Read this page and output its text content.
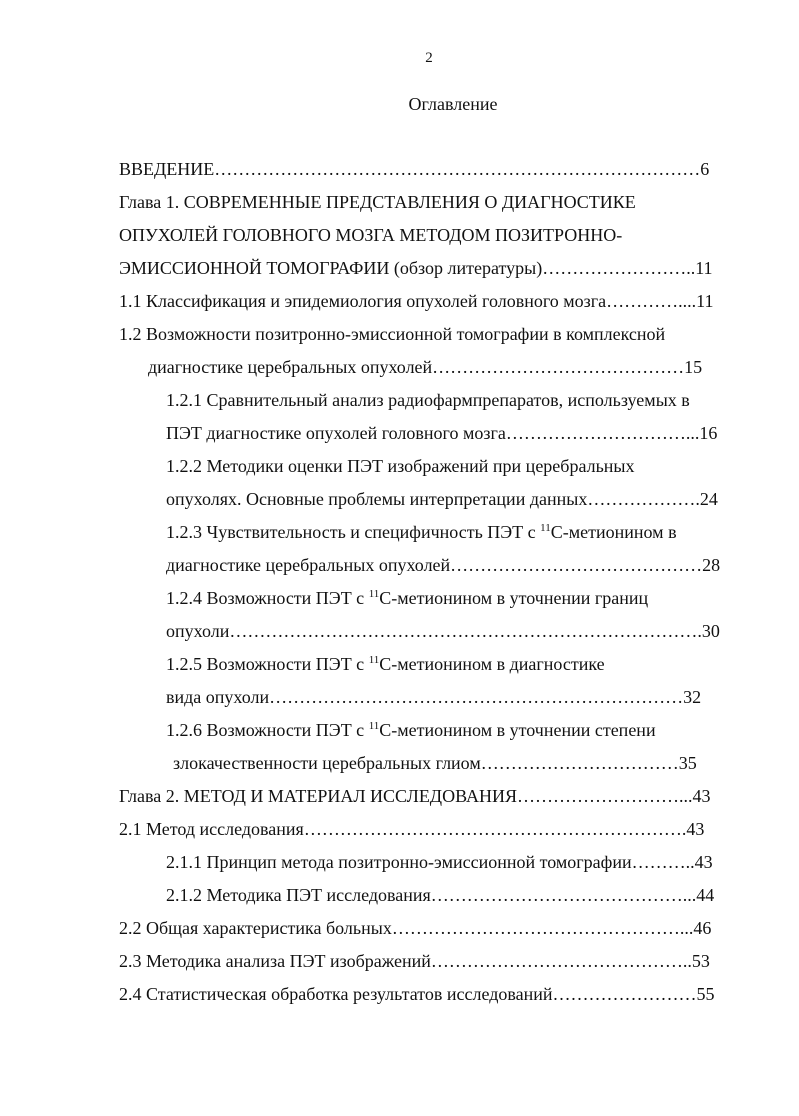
2
Оглавление
ВВЕДЕНИЕ………………………………………………………………………6
Глава 1. СОВРЕМЕННЫЕ ПРЕДСТАВЛЕНИЯ О ДИАГНОСТИКЕ
ОПУХОЛЕЙ ГОЛОВНОГО МОЗГА МЕТОДОМ ПОЗИТРОННО-
ЭМИССИОННОЙ ТОМОГРАФИИ (обзор литературы)……………………..11
1.1 Классификация и эпидемиология опухолей головного мозга…………....11
1.2 Возможности позитронно-эмиссионной томографии в комплексной
диагностике церебральных опухолей……………………………………15
1.2.1 Сравнительный анализ радиофармпрепаратов, используемых в
ПЭТ диагностике опухолей головного мозга…………………………...16
1.2.2 Методики оценки ПЭТ изображений при церебральных
опухолях. Основные проблемы интерпретации данных……………….24
1.2.3 Чувствительность и специфичность ПЭТ с $^{11}$С-метионином в
диагностике церебральных опухолей……………………………………28
1.2.4 Возможности ПЭТ с $^{11}$С-метионином в уточнении границ
опухоли…………………………………………………………………….30
1.2.5 Возможности ПЭТ с $^{11}$С-метионином в диагностике
вида опухоли……………………………………………………………32
1.2.6 Возможности ПЭТ с $^{11}$С-метионином в уточнении степени
злокачественности церебральных глиом……………………………35
Глава 2. МЕТОД И МАТЕРИАЛ ИССЛЕДОВАНИЯ………………………...43
2.1 Метод исследования……………………………………………………….43
2.1.1 Принцип метода позитронно-эмиссионной томографии………..43
2.1.2 Методика ПЭТ исследования……………………………………...44
2.2 Общая характеристика больных…………………………………………...46
2.3 Методика анализа ПЭТ изображений……………………………………..53
2.4 Статистическая обработка результатов исследований……………………55
